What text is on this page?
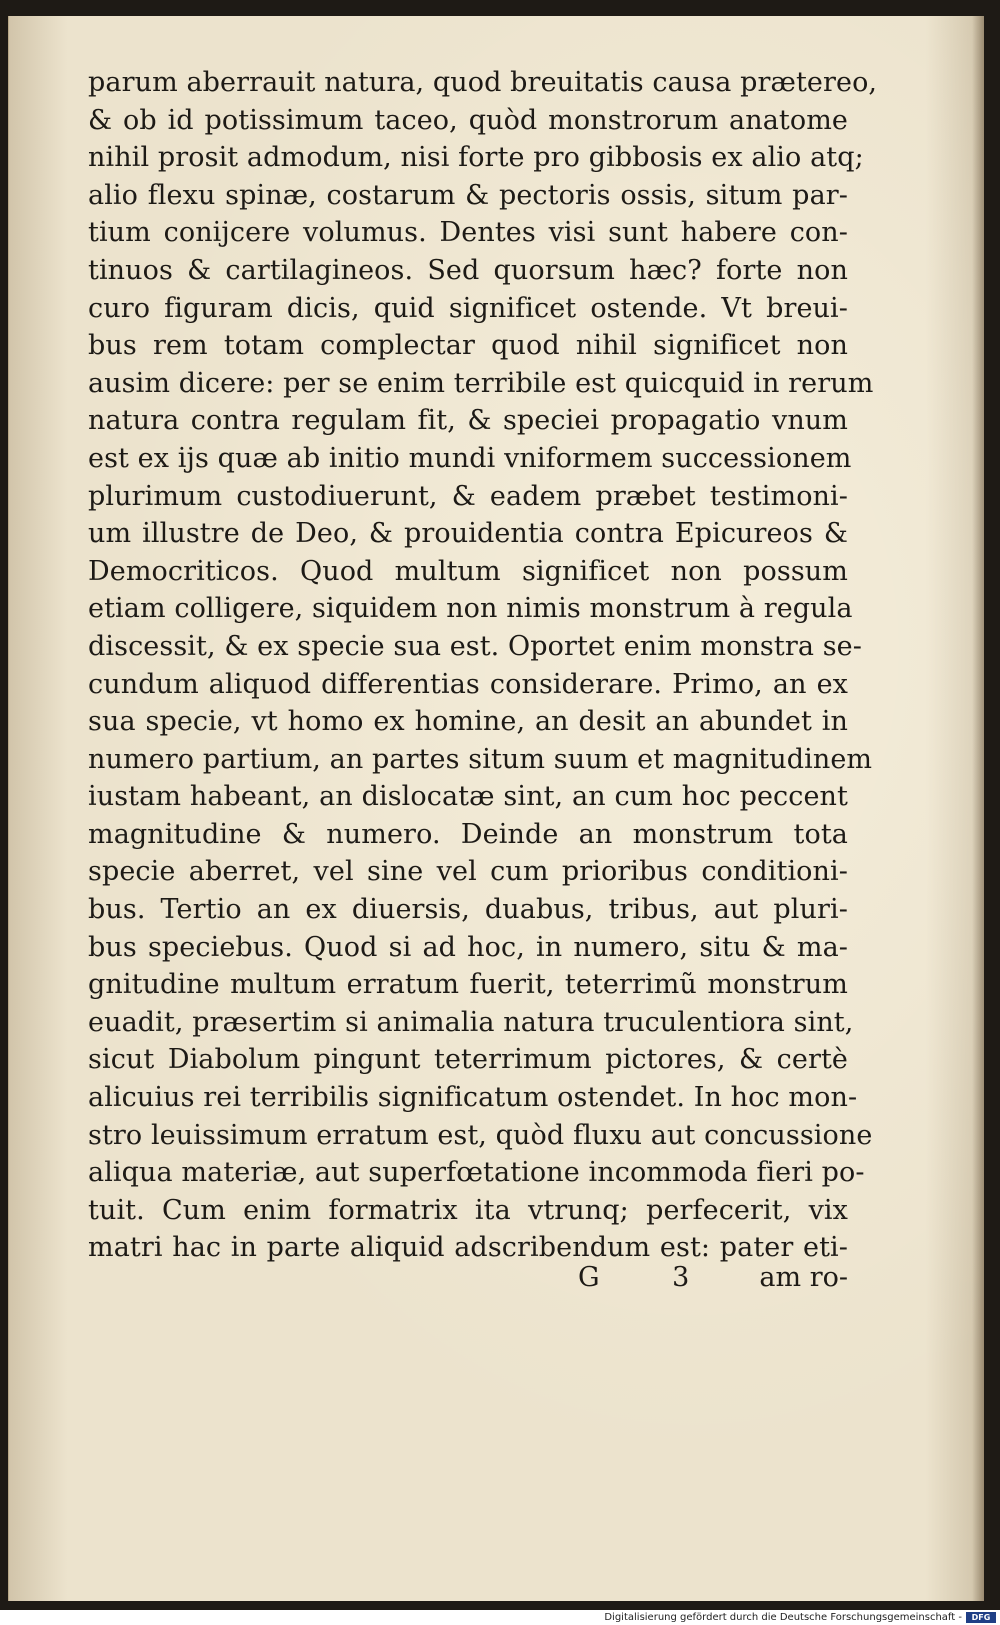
parum aberrauit natura, quod breuitatis causa prætereo,
& ob id potissimum taceo, quòd monstrorum anatome
nihil prosit admodum, nisi forte pro gibbosis ex alio atq;
alio flexu spinæ, costarum & pectoris ossis, situm par-
tium conijcere volumus. Dentes visi sunt habere con-
tinuos & cartilagineos. Sed quorsum hæc? forte non
curo figuram dicis, quid significet ostende. Vt breui-
bus rem totam complectar quod nihil significet non
ausim dicere: per se enim terribile est quicquid in rerum
natura contra regulam fit, & speciei propagatio vnum
est ex ijs quæ ab initio mundi vniformem successionem
plurimum custodiuerunt, & eadem præbet testimoni-
um illustre de Deo, & prouidentia contra Epicureos &
Democriticos. Quod multum significet non possum
etiam colligere, siquidem non nimis monstrum à regula
discessit, & ex specie sua est. Oportet enim monstra se-
cundum aliquod differentias considerare. Primo, an ex
sua specie, vt homo ex homine, an desit an abundet in
numero partium, an partes situm suum et magnitudinem
iustam habeant, an dislocatæ sint, an cum hoc peccent
magnitudine & numero. Deinde an monstrum tota
specie aberret, vel sine vel cum prioribus conditioni-
bus. Tertio an ex diuersis, duabus, tribus, aut pluri-
bus speciebus. Quod si ad hoc, in numero, situ & ma-
gnitudine multum erratum fuerit, teterrimũ monstrum
euadit, præsertim si animalia natura truculentiora sint,
sicut Diabolum pingunt teterrimum pictores, & certè
alicuius rei terribilis significatum ostendet. In hoc mon-
stro leuissimum erratum est, quòd fluxu aut concussione
aliqua materiæ, aut superfœtatione incommoda fieri po-
tuit. Cum enim formatrix ita vtrunq; perfecerit, vix
matri hac in parte aliquid adscribendum est: pater eti-
G 3 am ro-
Digitalisierung gefördert durch die Deutsche Forschungsgemeinschaft -	DFG
